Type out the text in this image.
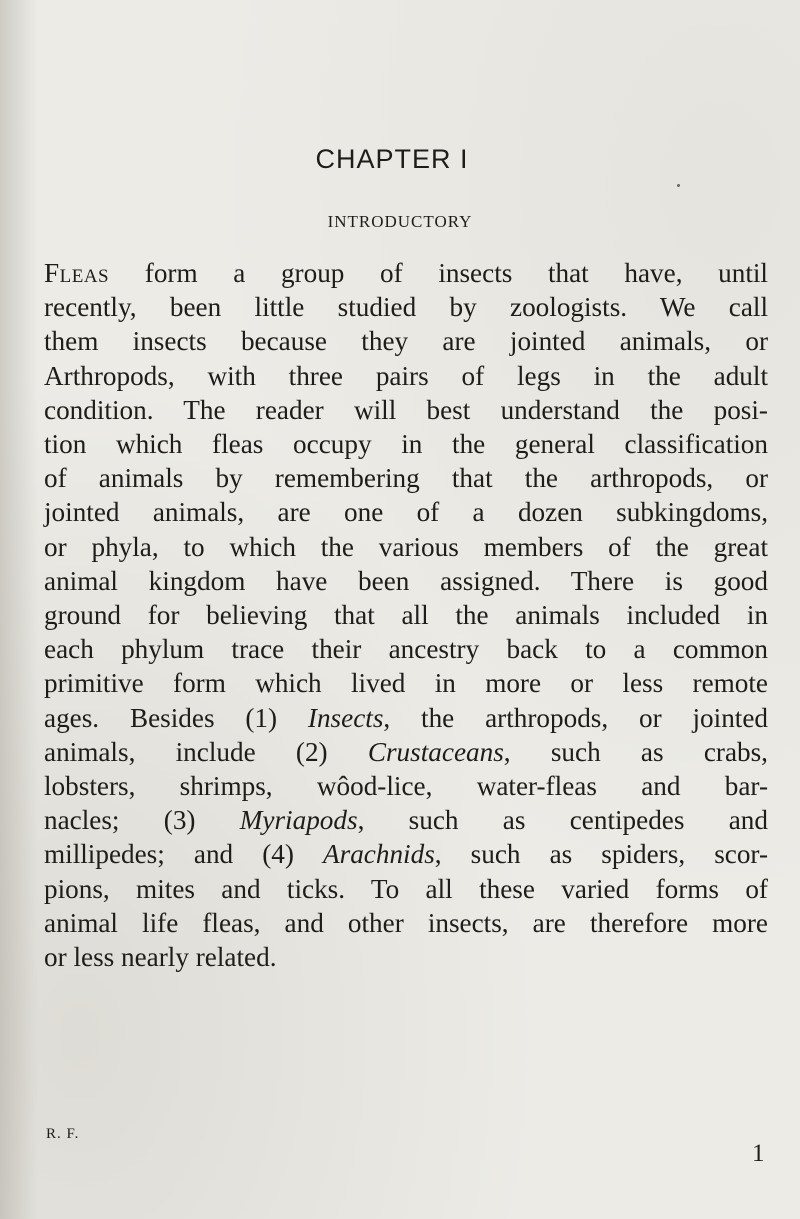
CHAPTER I
INTRODUCTORY
Fleas form a group of insects that have, until
recently, been little studied by zoologists. We call
them insects because they are jointed animals, or
Arthropods, with three pairs of legs in the adult
condition. The reader will best understand the posi-
tion which fleas occupy in the general classification
of animals by remembering that the arthropods, or
jointed animals, are one of a dozen subkingdoms,
or phyla, to which the various members of the great
animal kingdom have been assigned. There is good
ground for believing that all the animals included in
each phylum trace their ancestry back to a common
primitive form which lived in more or less remote
ages. Besides (1) Insects, the arthropods, or jointed
animals, include (2) Crustaceans, such as crabs,
lobsters, shrimps, wôod-lice, water-fleas and bar-
nacles; (3) Myriapods, such as centipedes and
millipedes; and (4) Arachnids, such as spiders, scor-
pions, mites and ticks. To all these varied forms of
animal life fleas, and other insects, are therefore more
or less nearly related.
R. F.
1
